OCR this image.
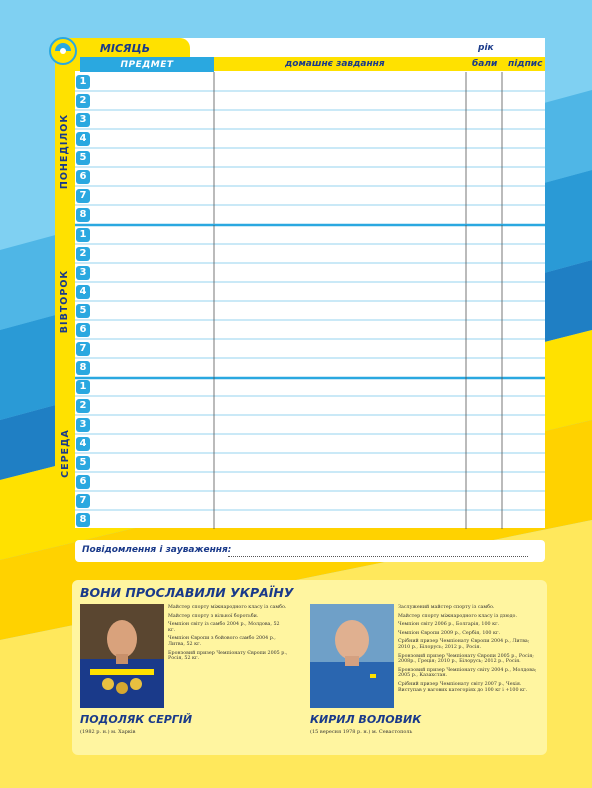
МІСЯЦЬ
ПРЕДМЕТ
рік
домашнє завдання	бали підпис
ПОНЕДІЛОК
ВІВТОРОК
СЕРЕДА
1
2
3
4
5
6
7
8
1
2
3
4
5
6
7
8
1
2
3
4
5
6
7
8
Повідомлення і зауваження:
ВОНИ ПРОСЛАВИЛИ УКРАЇНУ

Майстер спорту міжнародного класу із самбо.

Майстер спорту з вільної боротьби.

Чемпіон світу із самбо 2004 р., Молдова, 52 кг.

Чемпіон Європи з бойового самбо 2004 р., Литва, 52 кг.

Бронзовий призер Чемпіонату Європи 2005 р., Росія, 52 кг.

ПОДОЛЯК СЕРГІЙ
(1982 р. н.) м. Харків

Заслужений майстер спорту із самбо.

Майстер спорту міжнародного класу із дзюдо.

Чемпіон світу 2006 р., Болгарія, 100 кг.

Чемпіон Європи 2009 р., Сербія, 100 кг.

Срібний призер Чемпіонату Європи 2004 р., Литва; 2010 р., Білорусь; 2012 р., Росія.

Бронзовий призер Чемпіонату Європи 2005 р., Росія; 2008р., Греція; 2010 р., Білорусь; 2012 р., Росія.

Бронзовий призер Чемпіонату світу 2004 р., Молдова; 2005 р., Казахстан.

Срібний призер Чемпіонату світу 2007 р., Чехія. Виступав у вагових категоріях до 100 кг і +100 кг.

КИРИЛ ВОЛОВИК
(15 вересня 1978 р. н.) м. Севастополь
